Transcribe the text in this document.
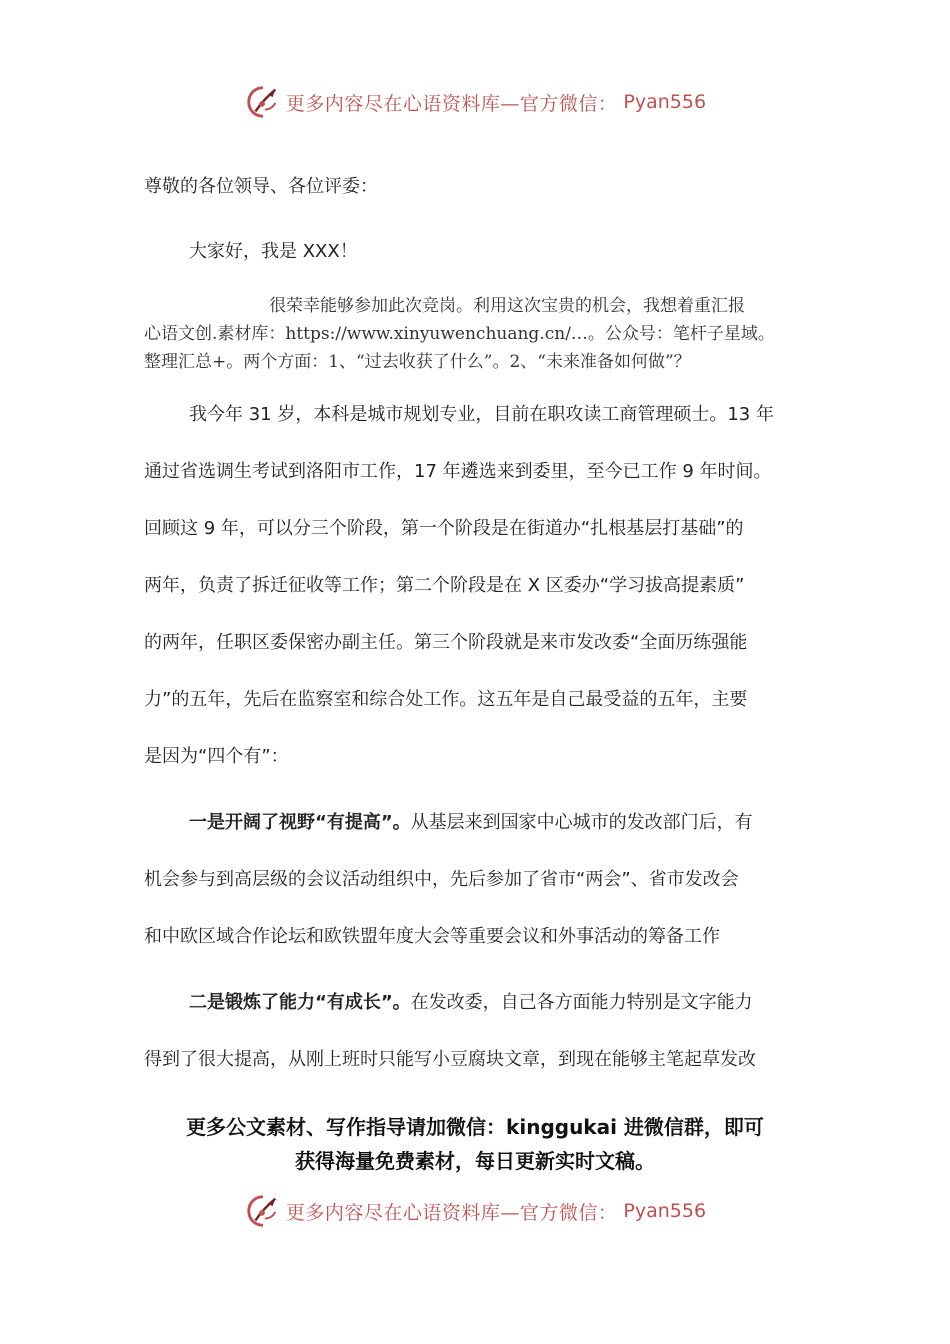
更多内容尽在心语资料库—官方微信： Pyan556
尊敬的各位领导、各位评委：
大家好，我是 XXX！
很荣幸能够参加此次竞岗。利用这次宝贵的机会，我想着重汇报
心语文创.素材库：https://www.xinyuwenchuang.cn/…。公众号：笔杆子星域。
整理汇总+。两个方面：1、“过去收获了什么”。2、“未来准备如何做”？
我今年 31 岁，本科是城市规划专业，目前在职攻读工商管理硕士。13 年
通过省选调生考试到洛阳市工作，17 年遴选来到委里，至今已工作 9 年时间。
回顾这 9 年，可以分三个阶段，第一个阶段是在街道办“扎根基层打基础”的
两年，负责了拆迁征收等工作；第二个阶段是在 X 区委办“学习拔高提素质”
的两年，任职区委保密办副主任。第三个阶段就是来市发改委“全面历练强能
力”的五年，先后在监察室和综合处工作。这五年是自己最受益的五年，主要
是因为“四个有”：
一是开阔了视野“有提高”。从基层来到国家中心城市的发改部门后，有
机会参与到高层级的会议活动组织中，先后参加了省市“两会”、省市发改会
和中欧区域合作论坛和欧铁盟年度大会等重要会议和外事活动的筹备工作
二是锻炼了能力“有成长”。在发改委，自己各方面能力特别是文字能力
得到了很大提高，从刚上班时只能写小豆腐块文章，到现在能够主笔起草发改
更多公文素材、写作指导请加微信：kinggukai 进微信群，即可
获得海量免费素材，每日更新实时文稿。
更多内容尽在心语资料库—官方微信： Pyan556
